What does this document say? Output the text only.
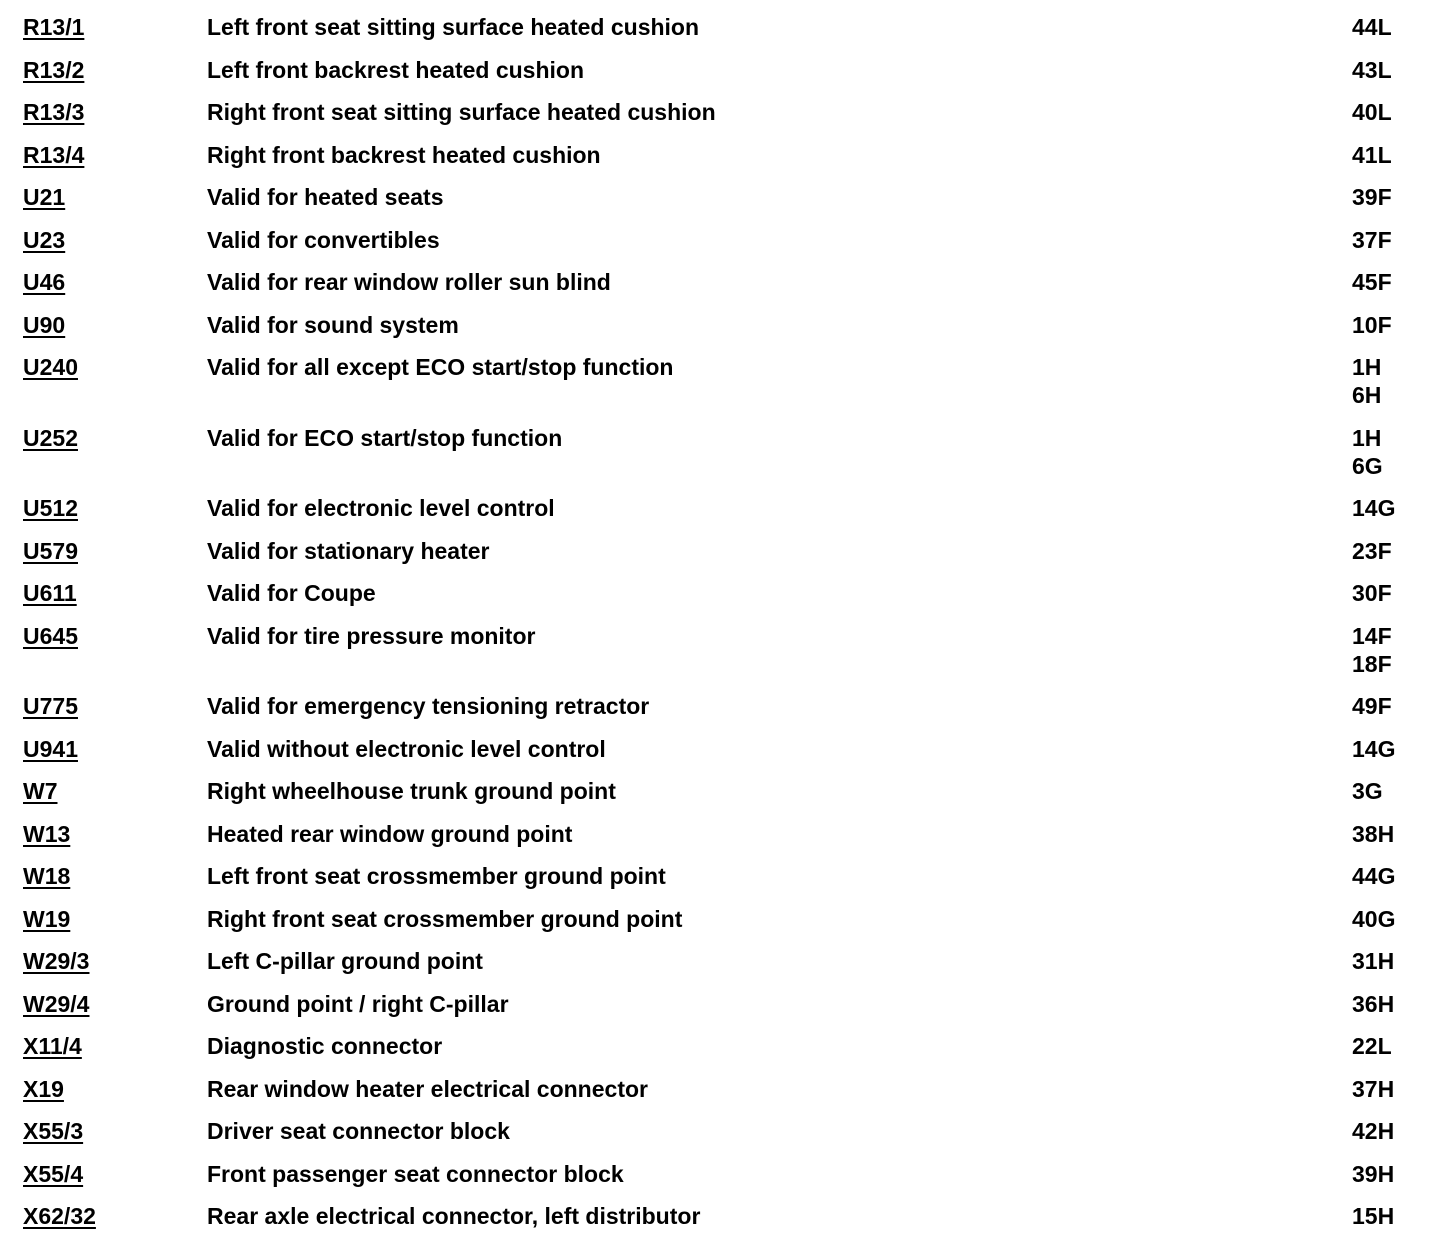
R13/1	Left front seat sitting surface heated cushion	44L
R13/2	Left front backrest heated cushion	43L
R13/3	Right front seat sitting surface heated cushion	40L
R13/4	Right front backrest heated cushion	41L
U21	Valid for heated seats	39F
U23	Valid for convertibles	37F
U46	Valid for rear window roller sun blind	45F
U90	Valid for sound system	10F
U240	Valid for all except ECO start/stop function	1H
6H
U252	Valid for ECO start/stop function	1H
6G
U512	Valid for electronic level control	14G
U579	Valid for stationary heater	23F
U611	Valid for Coupe	30F
U645	Valid for tire pressure monitor	14F
18F
U775	Valid for emergency tensioning retractor	49F
U941	Valid without electronic level control	14G
W7	Right wheelhouse trunk ground point	3G
W13	Heated rear window ground point	38H
W18	Left front seat crossmember ground point	44G
W19	Right front seat crossmember ground point	40G
W29/3	Left C-pillar ground point	31H
W29/4	Ground point / right C-pillar	36H
X11/4	Diagnostic connector	22L
X19	Rear window heater electrical connector	37H
X55/3	Driver seat connector block	42H
X55/4	Front passenger seat connector block	39H
X62/32	Rear axle electrical connector, left distributor	15H
